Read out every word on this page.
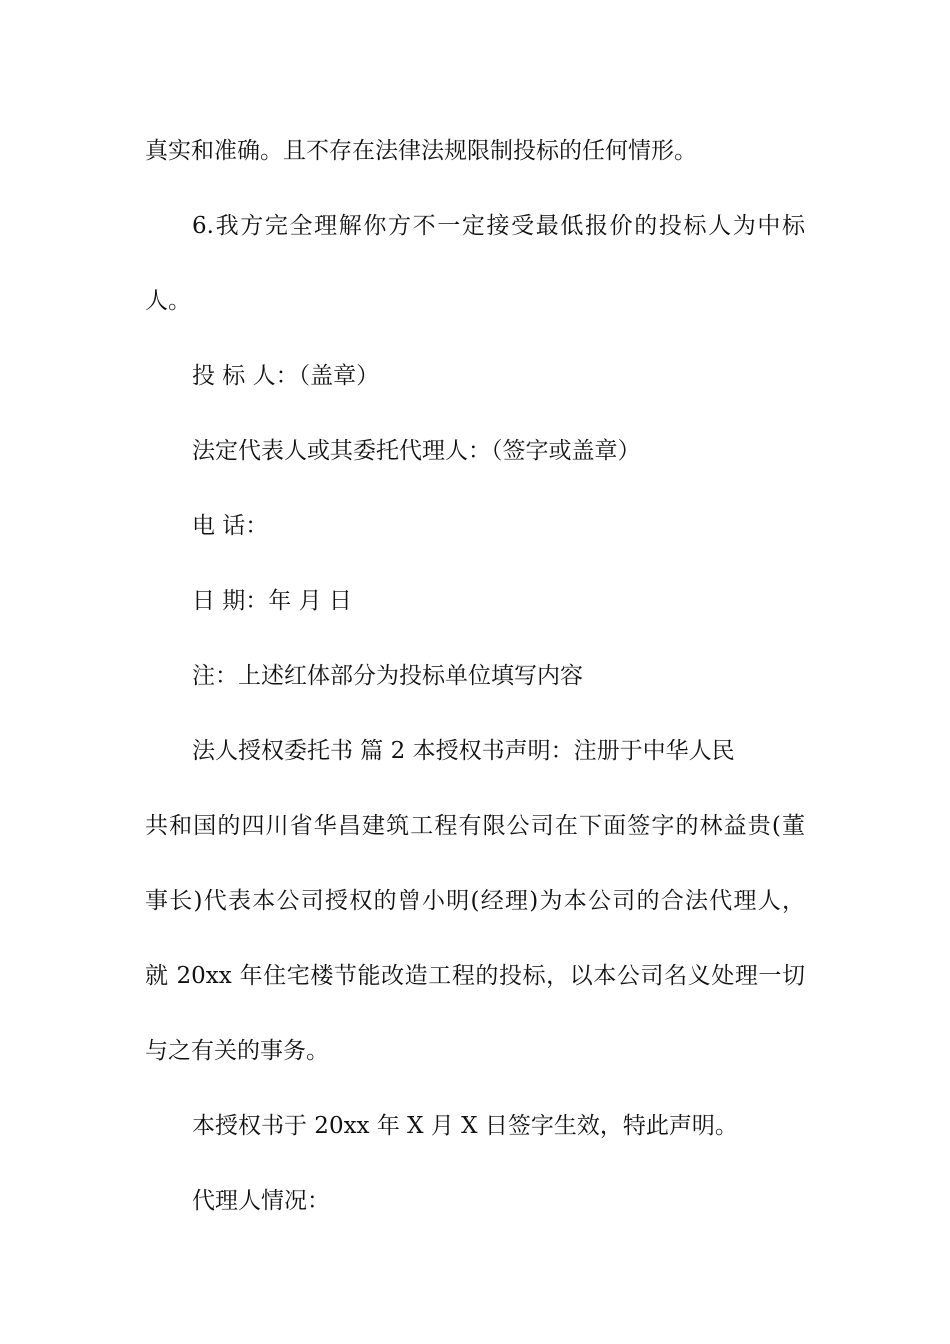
真实和准确。且不存在法律法规限制投标的任何情形。
6.我方完全理解你方不一定接受最低报价的投标人为中标
人。
投 标 人：（盖章）
法定代表人或其委托代理人：（签字或盖章）
电 话：
日 期：年 月 日
注：上述红体部分为投标单位填写内容
法人授权委托书 篇 2 本授权书声明：注册于中华人民
共和国的四川省华昌建筑工程有限公司在下面签字的林益贵(董
事长)代表本公司授权的曾小明(经理)为本公司的合法代理人，
就 20xx 年住宅楼节能改造工程的投标，以本公司名义处理一切
与之有关的事务。
本授权书于 20xx 年 X 月 X 日签字生效，特此声明。
代理人情况：
